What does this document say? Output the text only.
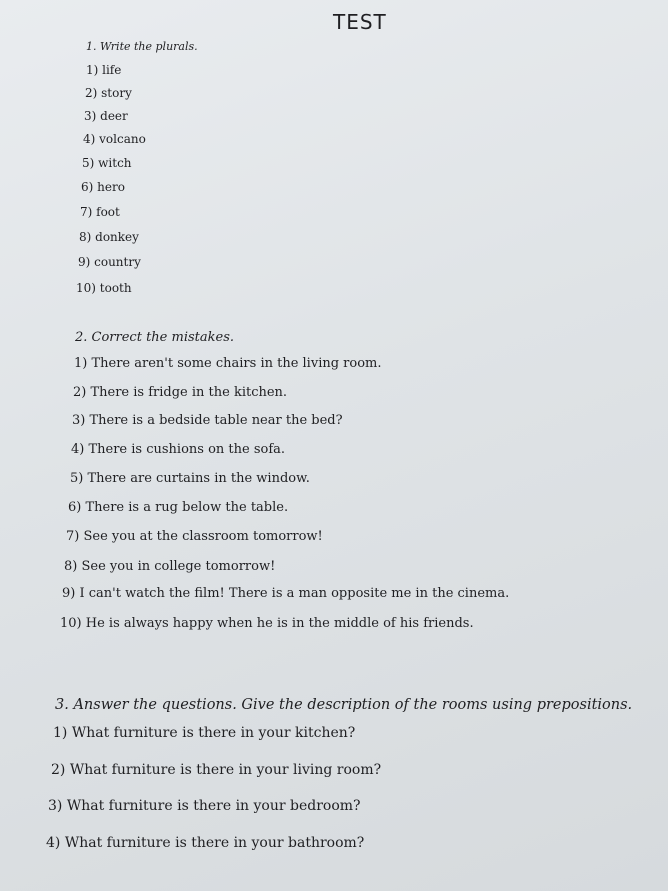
TEST
1. Write the plurals.
1) life
2) story
3) deer
4) volcano
5) witch
6) hero
7) foot
8) donkey
9) country
10) tooth
2. Correct the mistakes.
1) There aren't some chairs in the living room.
2) There is fridge in the kitchen.
3) There is a bedside table near the bed?
4) There is cushions on the sofa.
5) There are curtains in the window.
6) There is a rug below the table.
7) See you at the classroom tomorrow!
8) See you in college tomorrow!
9) I can't watch the film! There is a man opposite me in the cinema.
10) He is always happy when he is in the middle of his friends.
3. Answer the questions. Give the description of the rooms using prepositions.
1) What furniture is there in your kitchen?
2) What furniture is there in your living room?
3) What furniture is there in your bedroom?
4) What furniture is there in your bathroom?
